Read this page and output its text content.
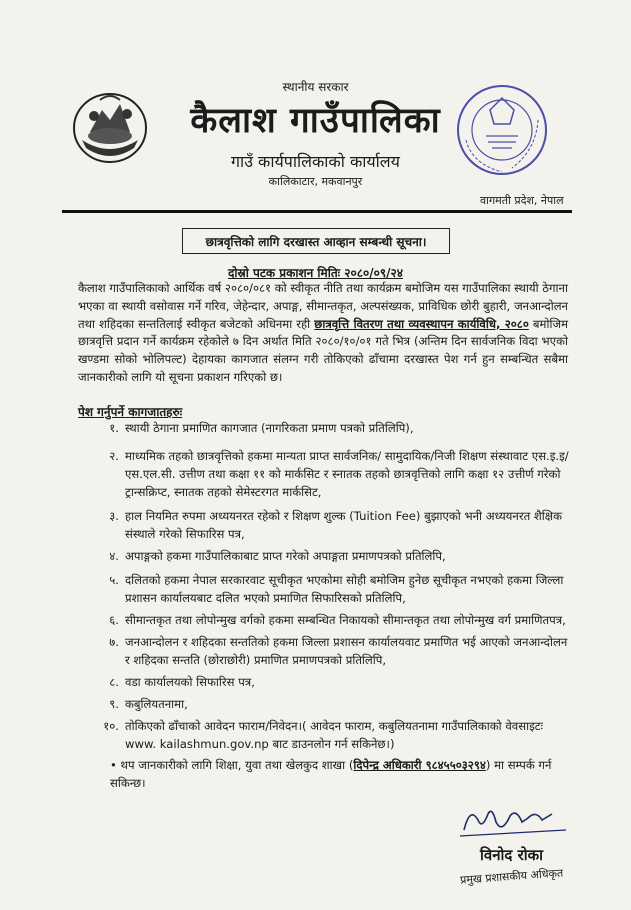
स्थानीय सरकार
कैलाश गाउँपालिका
गाउँ कार्यपालिकाको कार्यालय
कालिकाटार, मकवानपुर
वागमती प्रदेश, नेपाल
छात्रवृत्तिको लागि दरखास्त आव्हान सम्बन्धी सूचना।
दोस्रो पटक प्रकाशन मितिः २०८०/०९/२४
कैलाश गाउँपालिकाको आर्थिक वर्ष २०८०/०८१ को स्वीकृत नीति तथा कार्यक्रम बमोजिम यस गाउँपालिका स्थायी ठेगाना भएका वा स्थायी वसोवास गर्ने गरिव, जेहेन्दार, अपाङ्ग, सीमान्तकृत, अल्पसंख्यक, प्राविधिक छोरी बुहारी, जनआन्दोलन तथा शहिदका सन्ततिलाई स्वीकृत बजेटको अधिनमा रही छात्रवृत्ति वितरण तथा व्यवस्थापन कार्यविधि, २०८० बमोजिम छात्रवृत्ति प्रदान गर्ने कार्यक्रम रहेकोले ७ दिन अर्थात मिति २०८०/१०/०१ गते भित्र (अन्तिम दिन सार्वजनिक विदा भएको खण्डमा सोको भोलिपल्ट) देहायका कागजात संलग्न गरी तोकिएको ढाँचामा दरखास्त पेश गर्न हुन सम्बन्धित सबैमा जानकारीको लागि यो सूचना प्रकाशन गरिएको छ।
पेश गर्नुपर्ने कागजातहरुः
१. स्थायी ठेगाना प्रमाणित कागजात (नागरिकता प्रमाण पत्रको प्रतिलिपि),
२. माध्यमिक तहको छात्रवृत्तिको हकमा मान्यता प्राप्त सार्वजनिक/ सामुदायिक/निजी शिक्षण संस्थावाट एस.इ.इ/एस.एल.सी. उत्तीण तथा कक्षा ११ को मार्कसिट र स्नातक तहको छात्रवृत्तिको लागि कक्षा १२ उत्तीर्ण गरेको ट्रान्सक्रिप्ट, स्नातक तहको सेमेस्टरगत मार्कसिट,
३. हाल नियमित रुपमा अध्ययनरत रहेको र शिक्षण शुल्क (Tuition Fee) बुझाएको भनी अध्ययनरत शैक्षिक संस्थाले गरेको सिफारिस पत्र,
४. अपाङ्गको हकमा गाउँपालिकाबाट प्राप्त गरेको अपाङ्गता प्रमाणपत्रको प्रतिलिपि,
५. दलितको हकमा नेपाल सरकारवाट सूचीकृत भएकोमा सोही बमोजिम हुनेछ सूचीकृत नभएको हकमा जिल्ला प्रशासन कार्यालयबाट दलित भएको प्रमाणित सिफारिसको प्रतिलिपि,
६. सीमान्तकृत तथा लोपोन्मुख वर्गको हकमा सम्बन्धित निकायको सीमान्तकृत तथा लोपोन्मुख वर्ग प्रमाणितपत्र,
७. जनआन्दोलन र शहिदका सन्ततिको हकमा जिल्ला प्रशासन कार्यालयवाट प्रमाणित भई आएको जनआन्दोलन र शहिदका सन्तति (छोराछोरी) प्रमाणित प्रमाणपत्रको प्रतिलिपि,
८. वडा कार्यालयको सिफारिस पत्र,
९. कबुलियतनामा,
१०. तोकिएको ढाँचाको आवेदन फाराम/निवेदन।( आवेदन फाराम, कबुलियतनामा गाउँपालिकाको वेवसाइटः www. kailashmun.gov.np बाट डाउनलोन गर्न सकिनेछ।)
• थप जानकारीको लागि शिक्षा, युवा तथा खेलकुद शाखा (दिपेन्द्र अधिकारी ९८४५५०३२९४) मा सम्पर्क गर्न सकिन्छ।
विनोद रोका
प्रमुख प्रशासकीय अधिकृत
